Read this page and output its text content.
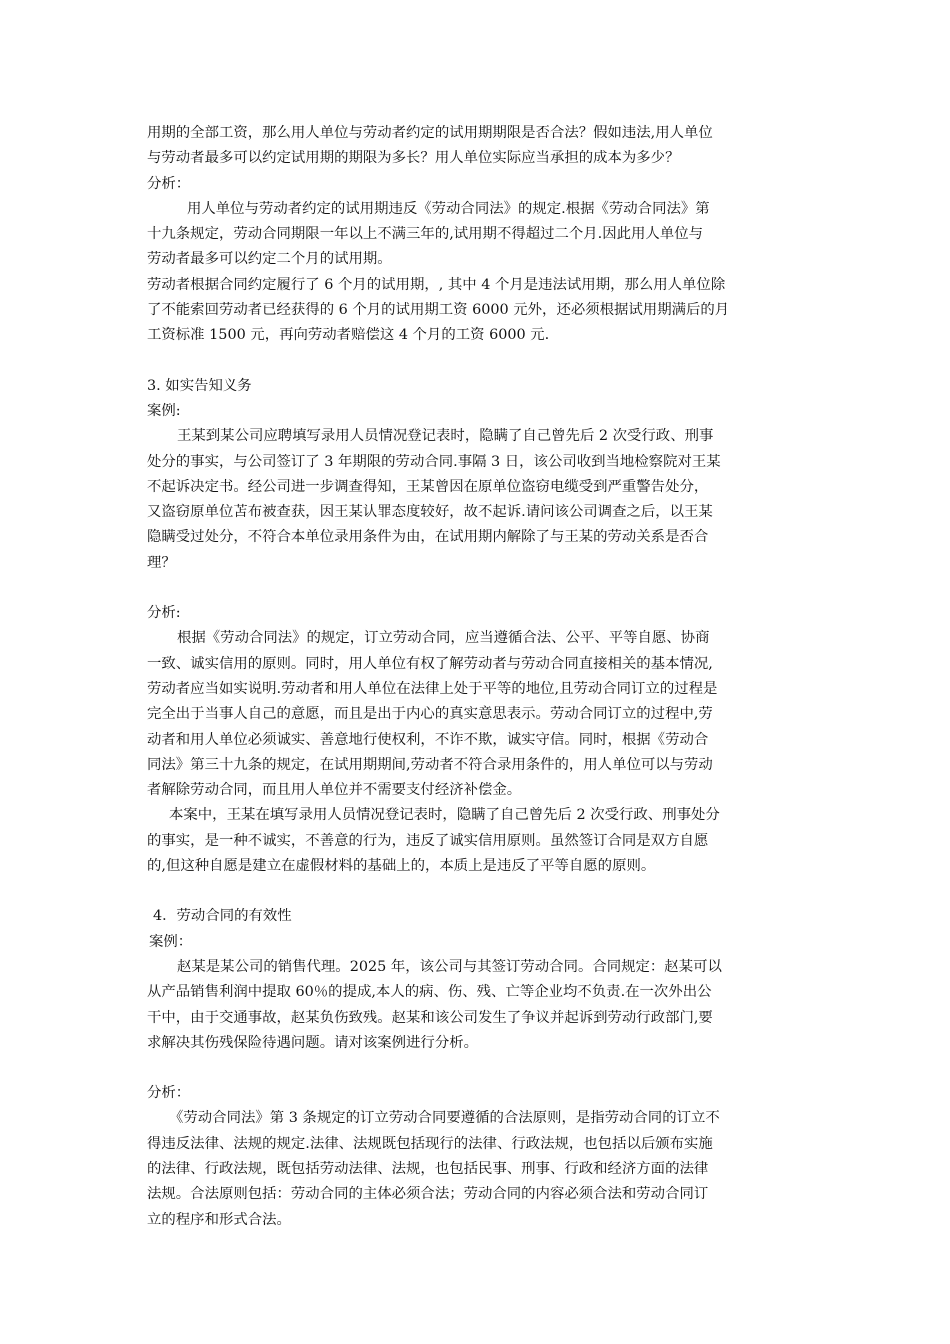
用期的全部工资，那么用人单位与劳动者约定的试用期期限是否合法？假如违法,用人单位

与劳动者最多可以约定试用期的期限为多长？用人单位实际应当承担的成本为多少？

分析：

用人单位与劳动者约定的试用期违反《劳动合同法》的规定.根据《劳动合同法》第

十九条规定，劳动合同期限一年以上不满三年的,试用期不得超过二个月.因此用人单位与

劳动者最多可以约定二个月的试用期。

劳动者根据合同约定履行了 6 个月的试用期，, 其中 4 个月是违法试用期，那么用人单位除

了不能索回劳动者已经获得的 6 个月的试用期工资 6000 元外，还必须根据试用期满后的月

工资标准 1500 元，再向劳动者赔偿这 4 个月的工资 6000 元.

3. 如实告知义务

案例:

王某到某公司应聘填写录用人员情况登记表时，隐瞒了自己曾先后 2 次受行政、刑事

处分的事实，与公司签订了 3 年期限的劳动合同.事隔 3 日，该公司收到当地检察院对王某

不起诉决定书。经公司进一步调查得知，王某曾因在原单位盗窃电缆受到严重警告处分，

又盗窃原单位苫布被查获，因王某认罪态度较好，故不起诉.请问该公司调查之后，以王某

隐瞒受过处分，不符合本单位录用条件为由，在试用期内解除了与王某的劳动关系是否合

理？

分析:

根据《劳动合同法》的规定，订立劳动合同，应当遵循合法、公平、平等自愿、协商

一致、诚实信用的原则。同时，用人单位有权了解劳动者与劳动合同直接相关的基本情况,

劳动者应当如实说明.劳动者和用人单位在法律上处于平等的地位,且劳动合同订立的过程是

完全出于当事人自己的意愿，而且是出于内心的真实意思表示。劳动合同订立的过程中,劳

动者和用人单位必须诚实、善意地行使权利，不诈不欺，诚实守信。同时，根据《劳动合

同法》第三十九条的规定，在试用期期间,劳动者不符合录用条件的，用人单位可以与劳动

者解除劳动合同，而且用人单位并不需要支付经济补偿金。

本案中，王某在填写录用人员情况登记表时，隐瞒了自己曾先后 2 次受行政、刑事处分

的事实，是一种不诚实，不善意的行为，违反了诚实信用原则。虽然签订合同是双方自愿

的,但这种自愿是建立在虚假材料的基础上的，本质上是违反了平等自愿的原则。

4．劳动合同的有效性

案例：

赵某是某公司的销售代理。2025 年，该公司与其签订劳动合同。合同规定：赵某可以

从产品销售利润中提取 60％的提成,本人的病、伤、残、亡等企业均不负责.在一次外出公

干中，由于交通事故，赵某负伤致残。赵某和该公司发生了争议并起诉到劳动行政部门,要

求解决其伤残保险待遇问题。请对该案例进行分析。

分析：

《劳动合同法》第 3 条规定的订立劳动合同要遵循的合法原则，是指劳动合同的订立不

得违反法律、法规的规定.法律、法规既包括现行的法律、行政法规，也包括以后颁布实施

的法律、行政法规，既包括劳动法律、法规，也包括民事、刑事、行政和经济方面的法律

法规。合法原则包括：劳动合同的主体必须合法；劳动合同的内容必须合法和劳动合同订

立的程序和形式合法。
